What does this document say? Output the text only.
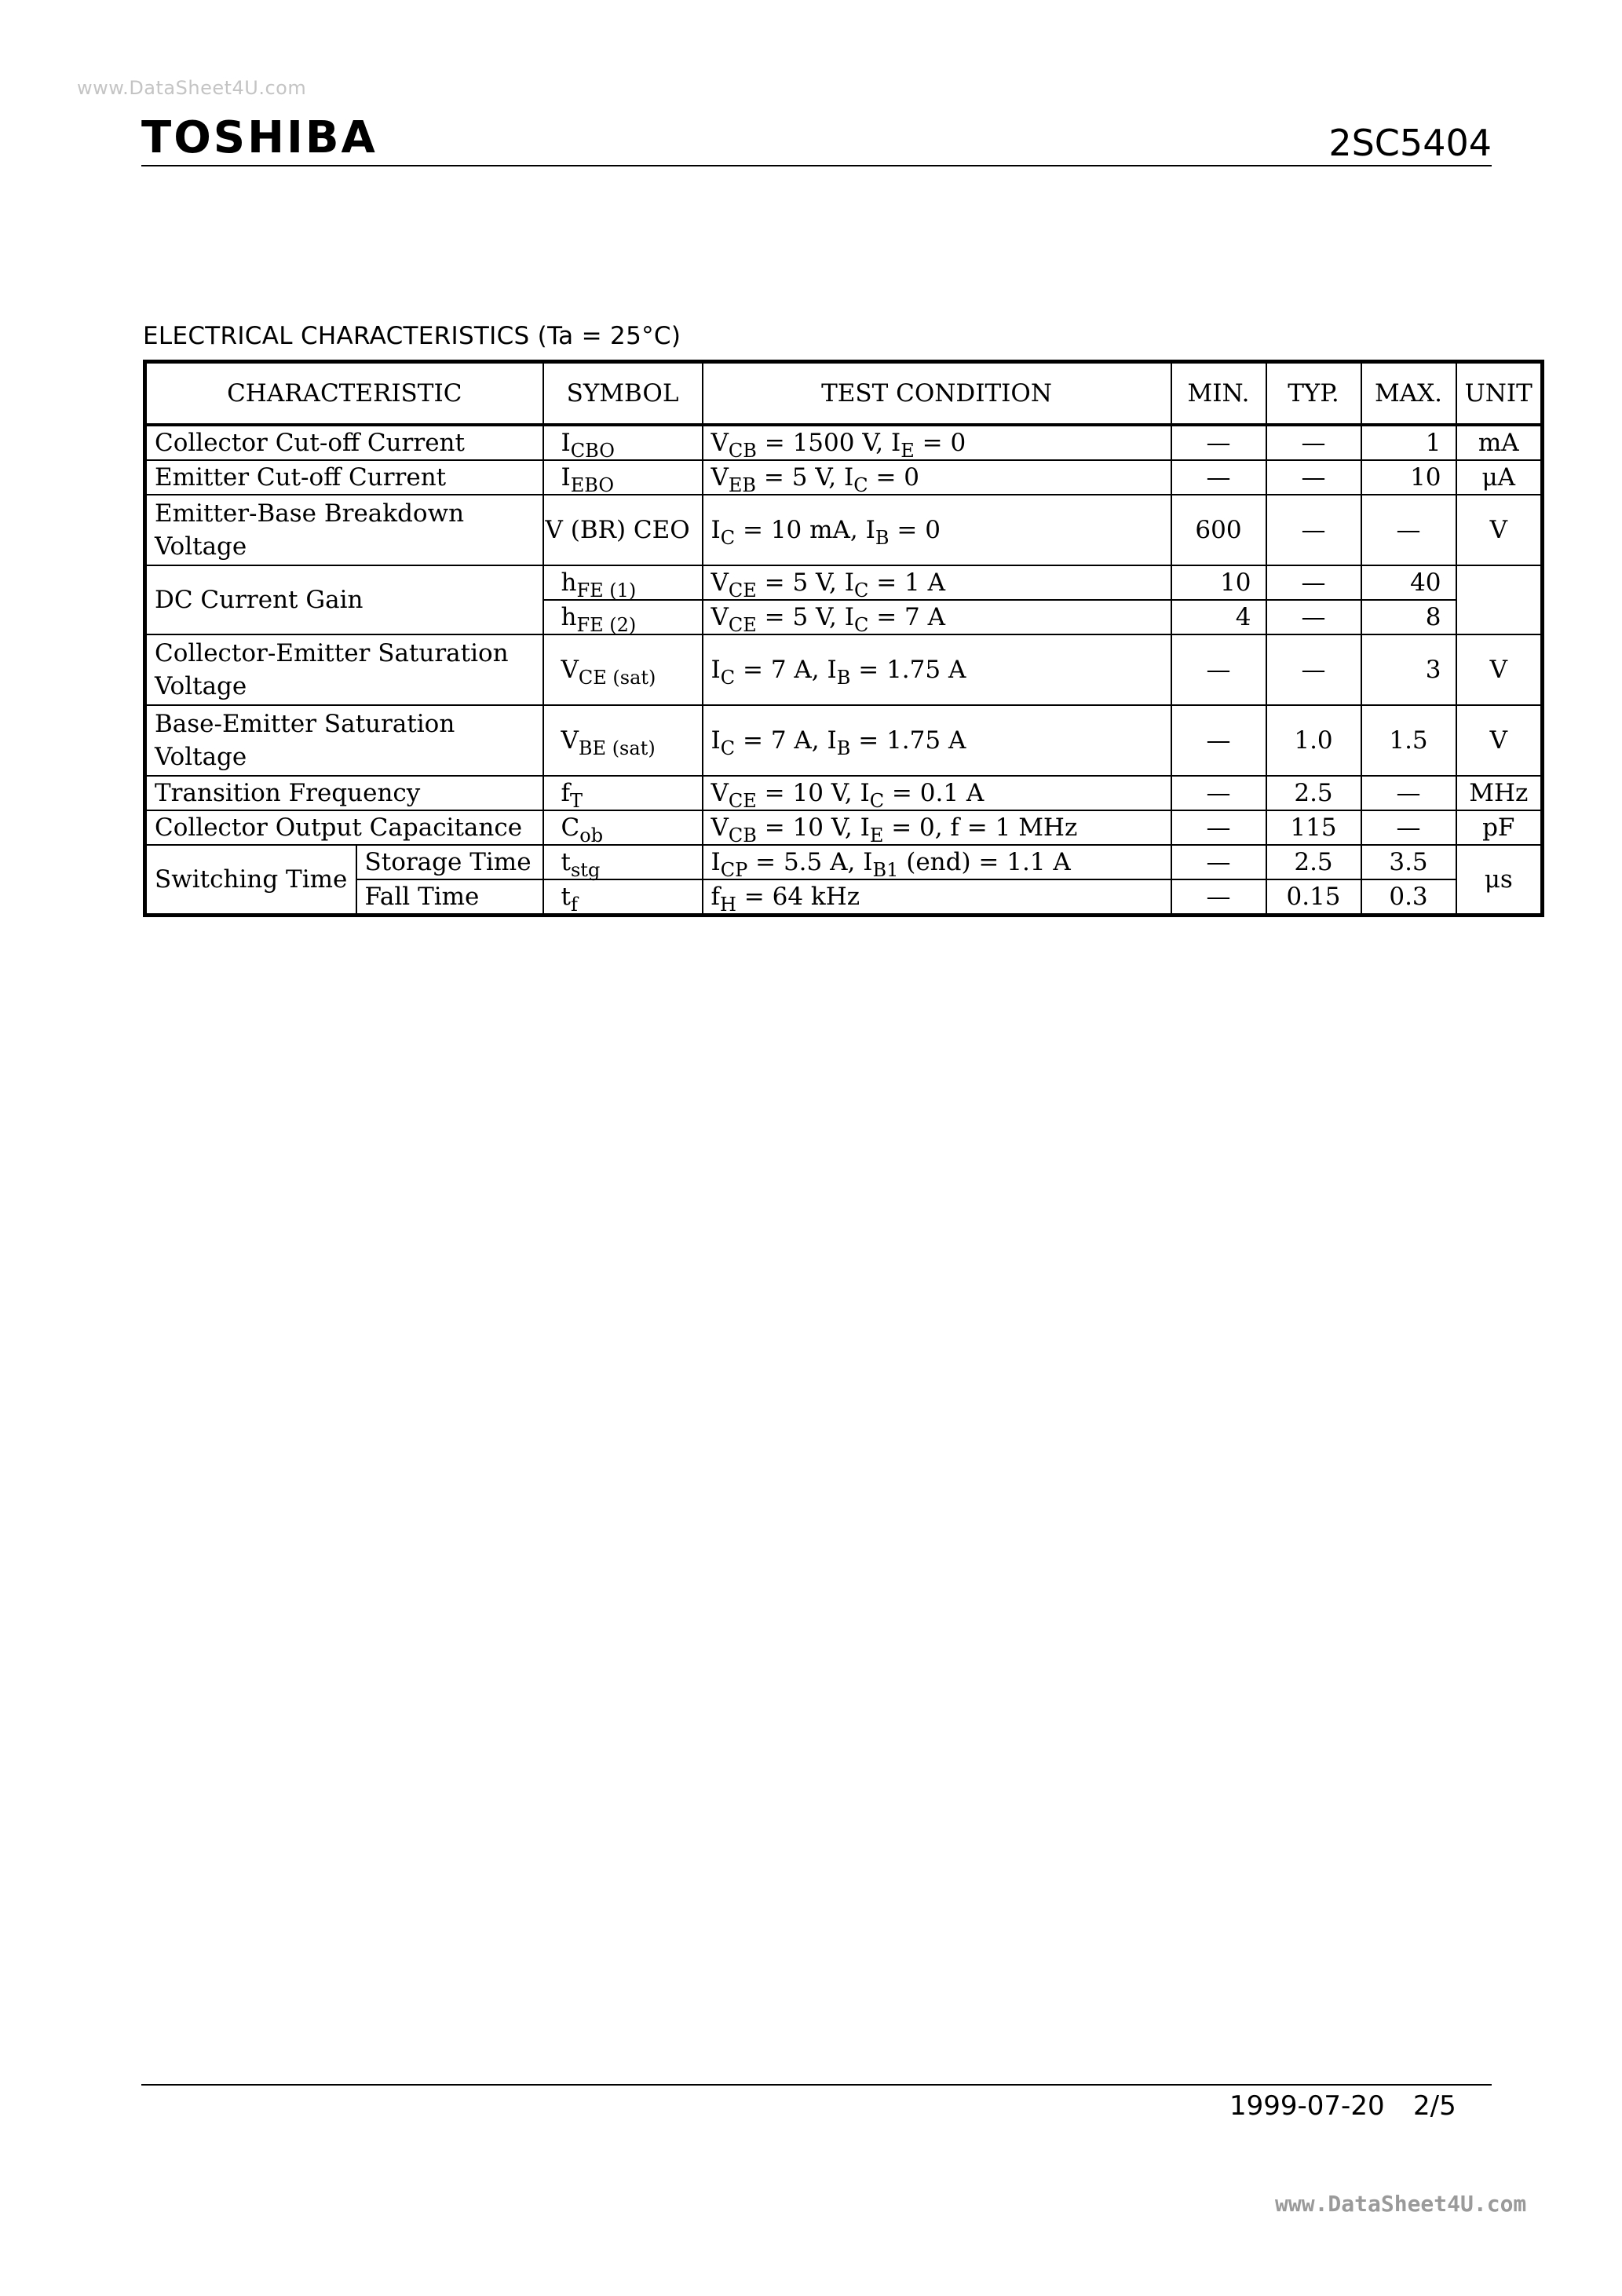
www.DataSheet4U.com
TOSHIBA	2SC5404
ELECTRICAL CHARACTERISTICS (Ta = 25°C)
CHARACTERISTIC		SYMBOL	TEST CONDITION	MIN.	TYP.	MAX.	UNIT
Collector Cut-off Current		$I_{CBO}$	$V_{CB} = 1500$ V, $I_E = 0$	—	—	1	mA
Emitter Cut-off Current		$I_{EBO}$	$V_{EB} = 5$ V, $I_C = 0$	—	—	10	μA
Emitter-Base Breakdown Voltage		V (BR) CEO	$I_C = 10$ mA, $I_B = 0$	600	—	—	V
DC Current Gain		$h_{FE (1)}$	$V_{CE} = 5$ V, $I_C = 1$ A	10	—	40	
		$h_{FE (2)}$	$V_{CE} = 5$ V, $I_C = 7$ A	4	—	8	
Collector-Emitter Saturation Voltage		$V_{CE (sat)}$	$I_C = 7$ A, $I_B = 1.75$ A	—	—	3	V
Base-Emitter Saturation Voltage		$V_{BE (sat)}$	$I_C = 7$ A, $I_B = 1.75$ A	—	1.0	1.5	V
Transition Frequency		$f_T$	$V_{CE} = 10$ V, $I_C = 0.1$ A	—	2.5	—	MHz
Collector Output Capacitance		$C_{ob}$	$V_{CB} = 10$ V, $I_E = 0$, f = 1 MHz	—	115	—	pF
Switching Time	Storage Time	$t_{stg}$	$I_{CP} = 5.5$ A, $I_{B1}$ (end) = 1.1 A	—	2.5	3.5	μs
	Fall Time	$t_f$	$f_H = 64$ kHz	—	0.15	0.3	
1999-07-20 2/5
www.DataSheet4U.com
